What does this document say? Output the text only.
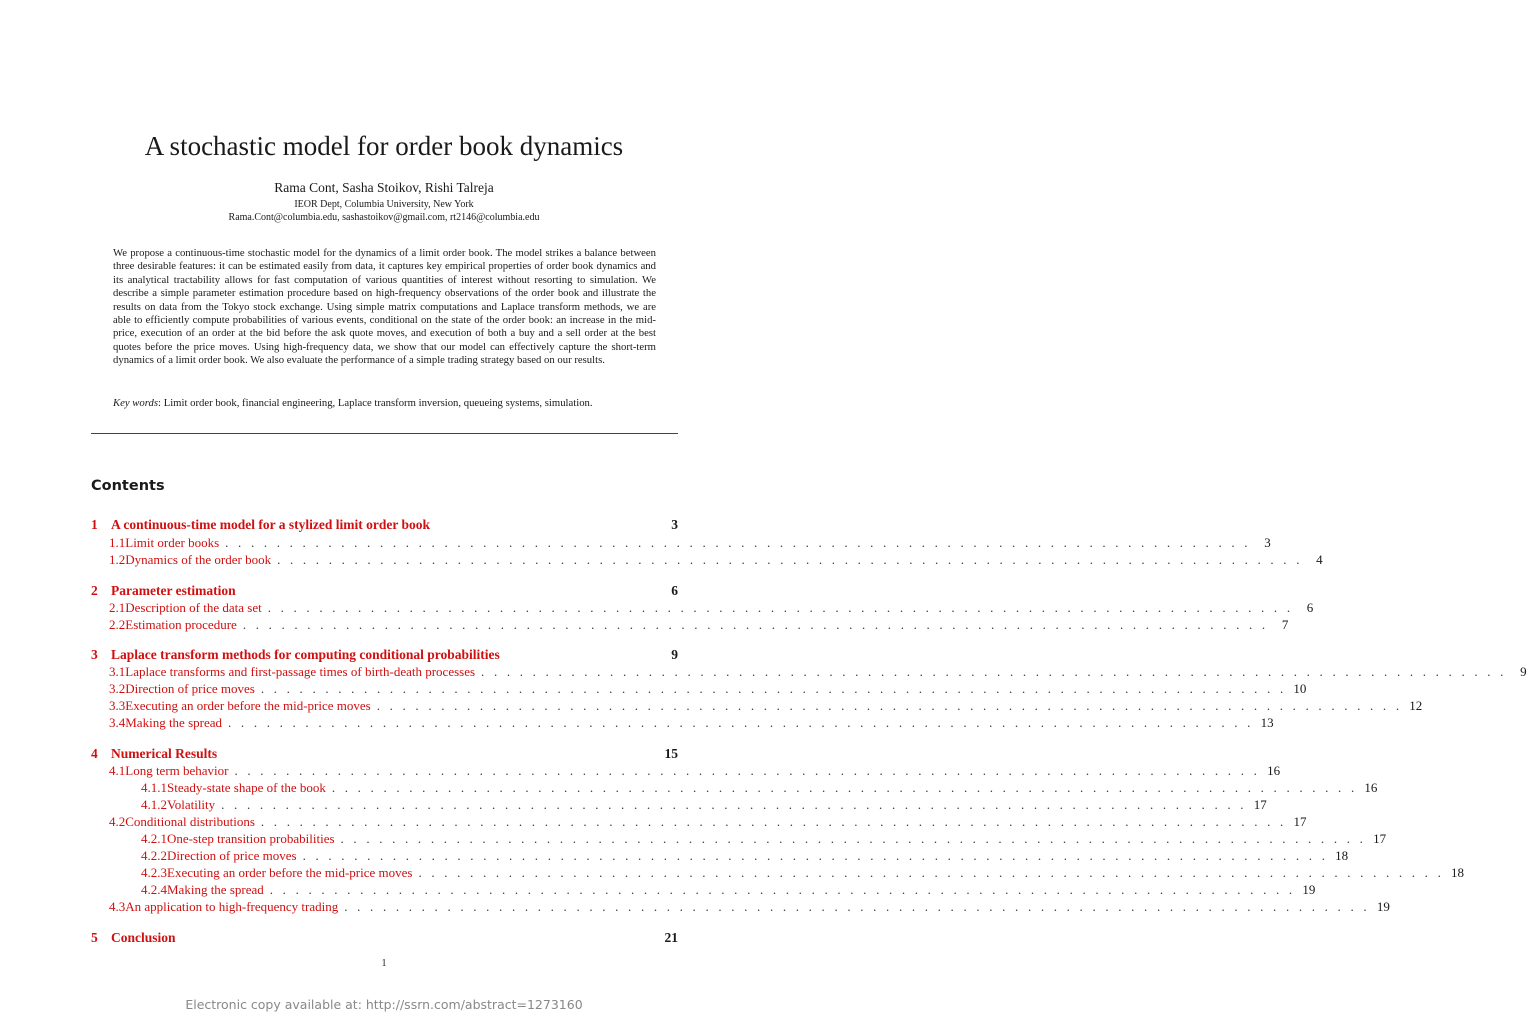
A stochastic model for order book dynamics
Rama Cont, Sasha Stoikov, Rishi Talreja
IEOR Dept, Columbia University, New York
Rama.Cont@columbia.edu, sashastoikov@gmail.com, rt2146@columbia.edu

We propose a continuous-time stochastic model for the dynamics of a limit order book. The model strikes a balance between three desirable features: it can be estimated easily from data, it captures key empirical properties of order book dynamics and its analytical tractability allows for fast computation of various quantities of interest without resorting to simulation. We describe a simple parameter estimation procedure based on high-frequency observations of the order book and illustrate the results on data from the Tokyo stock exchange. Using simple matrix computations and Laplace transform methods, we are able to efficiently compute probabilities of various events, conditional on the state of the order book: an increase in the mid-price, execution of an order at the bid before the ask quote moves, and execution of both a buy and a sell order at the best quotes before the price moves. Using high-frequency data, we show that our model can effectively capture the short-term dynamics of a limit order book. We also evaluate the performance of a simple trading strategy based on our results.

Key words: Limit order book, financial engineering, Laplace transform inversion, queueing systems, simulation.

Contents
1 A continuous-time model for a stylized limit order book	3
1.1 Limit order books . . . . . . . . . . . . . . . . . . . . . . . . . . . . . . . . . . . . . . . . . . . . . . . . . . . . . . . . . . . . . . . . . . . . . . . . . . . . . . . .	3
1.2 Dynamics of the order book . . . . . . . . . . . . . . . . . . . . . . . . . . . . . . . . . . . . . . . . . . . . . . . . . . . . . . . . . . . . . . . . . . . . . . . . . . . . . . . .	4
2 Parameter estimation	6
2.1 Description of the data set . . . . . . . . . . . . . . . . . . . . . . . . . . . . . . . . . . . . . . . . . . . . . . . . . . . . . . . . . . . . . . . . . . . . . . . . . . . . . . . .	6
2.2 Estimation procedure . . . . . . . . . . . . . . . . . . . . . . . . . . . . . . . . . . . . . . . . . . . . . . . . . . . . . . . . . . . . . . . . . . . . . . . . . . . . . . . .	7
3 Laplace transform methods for computing conditional probabilities	9
3.1 Laplace transforms and first-passage times of birth-death processes . . . . . . . . . . . . . . . . . . . . . . . . . . . . . . . . . . . . . . . . . . . . . . . . . . . . . . . . . . . . . . . . . . . . . . . . . . . . . . . .	9
3.2 Direction of price moves . . . . . . . . . . . . . . . . . . . . . . . . . . . . . . . . . . . . . . . . . . . . . . . . . . . . . . . . . . . . . . . . . . . . . . . . . . . . . . . . 10
3.3 Executing an order before the mid-price moves . . . . . . . . . . . . . . . . . . . . . . . . . . . . . . . . . . . . . . . . . . . . . . . . . . . . . . . . . . . . . . . . . . . . . . . . . . . . . . . . 12
3.4 Making the spread . . . . . . . . . . . . . . . . . . . . . . . . . . . . . . . . . . . . . . . . . . . . . . . . . . . . . . . . . . . . . . . . . . . . . . . . . . . . . . . . 13
4 Numerical Results	15
4.1 Long term behavior . . . . . . . . . . . . . . . . . . . . . . . . . . . . . . . . . . . . . . . . . . . . . . . . . . . . . . . . . . . . . . . . . . . . . . . . . . . . . . . . 16
4.1.1 Steady-state shape of the book . . . . . . . . . . . . . . . . . . . . . . . . . . . . . . . . . . . . . . . . . . . . . . . . . . . . . . . . . . . . . . . . . . . . . . . . . . . . . . . . 16
4.1.2 Volatility . . . . . . . . . . . . . . . . . . . . . . . . . . . . . . . . . . . . . . . . . . . . . . . . . . . . . . . . . . . . . . . . . . . . . . . . . . . . . . . . 17
4.2 Conditional distributions . . . . . . . . . . . . . . . . . . . . . . . . . . . . . . . . . . . . . . . . . . . . . . . . . . . . . . . . . . . . . . . . . . . . . . . . . . . . . . . . 17
4.2.1 One-step transition probabilities . . . . . . . . . . . . . . . . . . . . . . . . . . . . . . . . . . . . . . . . . . . . . . . . . . . . . . . . . . . . . . . . . . . . . . . . . . . . . . . . 17
4.2.2 Direction of price moves . . . . . . . . . . . . . . . . . . . . . . . . . . . . . . . . . . . . . . . . . . . . . . . . . . . . . . . . . . . . . . . . . . . . . . . . . . . . . . . . 18
4.2.3 Executing an order before the mid-price moves . . . . . . . . . . . . . . . . . . . . . . . . . . . . . . . . . . . . . . . . . . . . . . . . . . . . . . . . . . . . . . . . . . . . . . . . . . . . . . . . 18
4.2.4 Making the spread . . . . . . . . . . . . . . . . . . . . . . . . . . . . . . . . . . . . . . . . . . . . . . . . . . . . . . . . . . . . . . . . . . . . . . . . . . . . . . . . 19
4.3 An application to high-frequency trading . . . . . . . . . . . . . . . . . . . . . . . . . . . . . . . . . . . . . . . . . . . . . . . . . . . . . . . . . . . . . . . . . . . . . . . . . . . . . . . . 19
5 Conclusion	21
1
Electronic copy available at: http://ssrn.com/abstract=1273160
